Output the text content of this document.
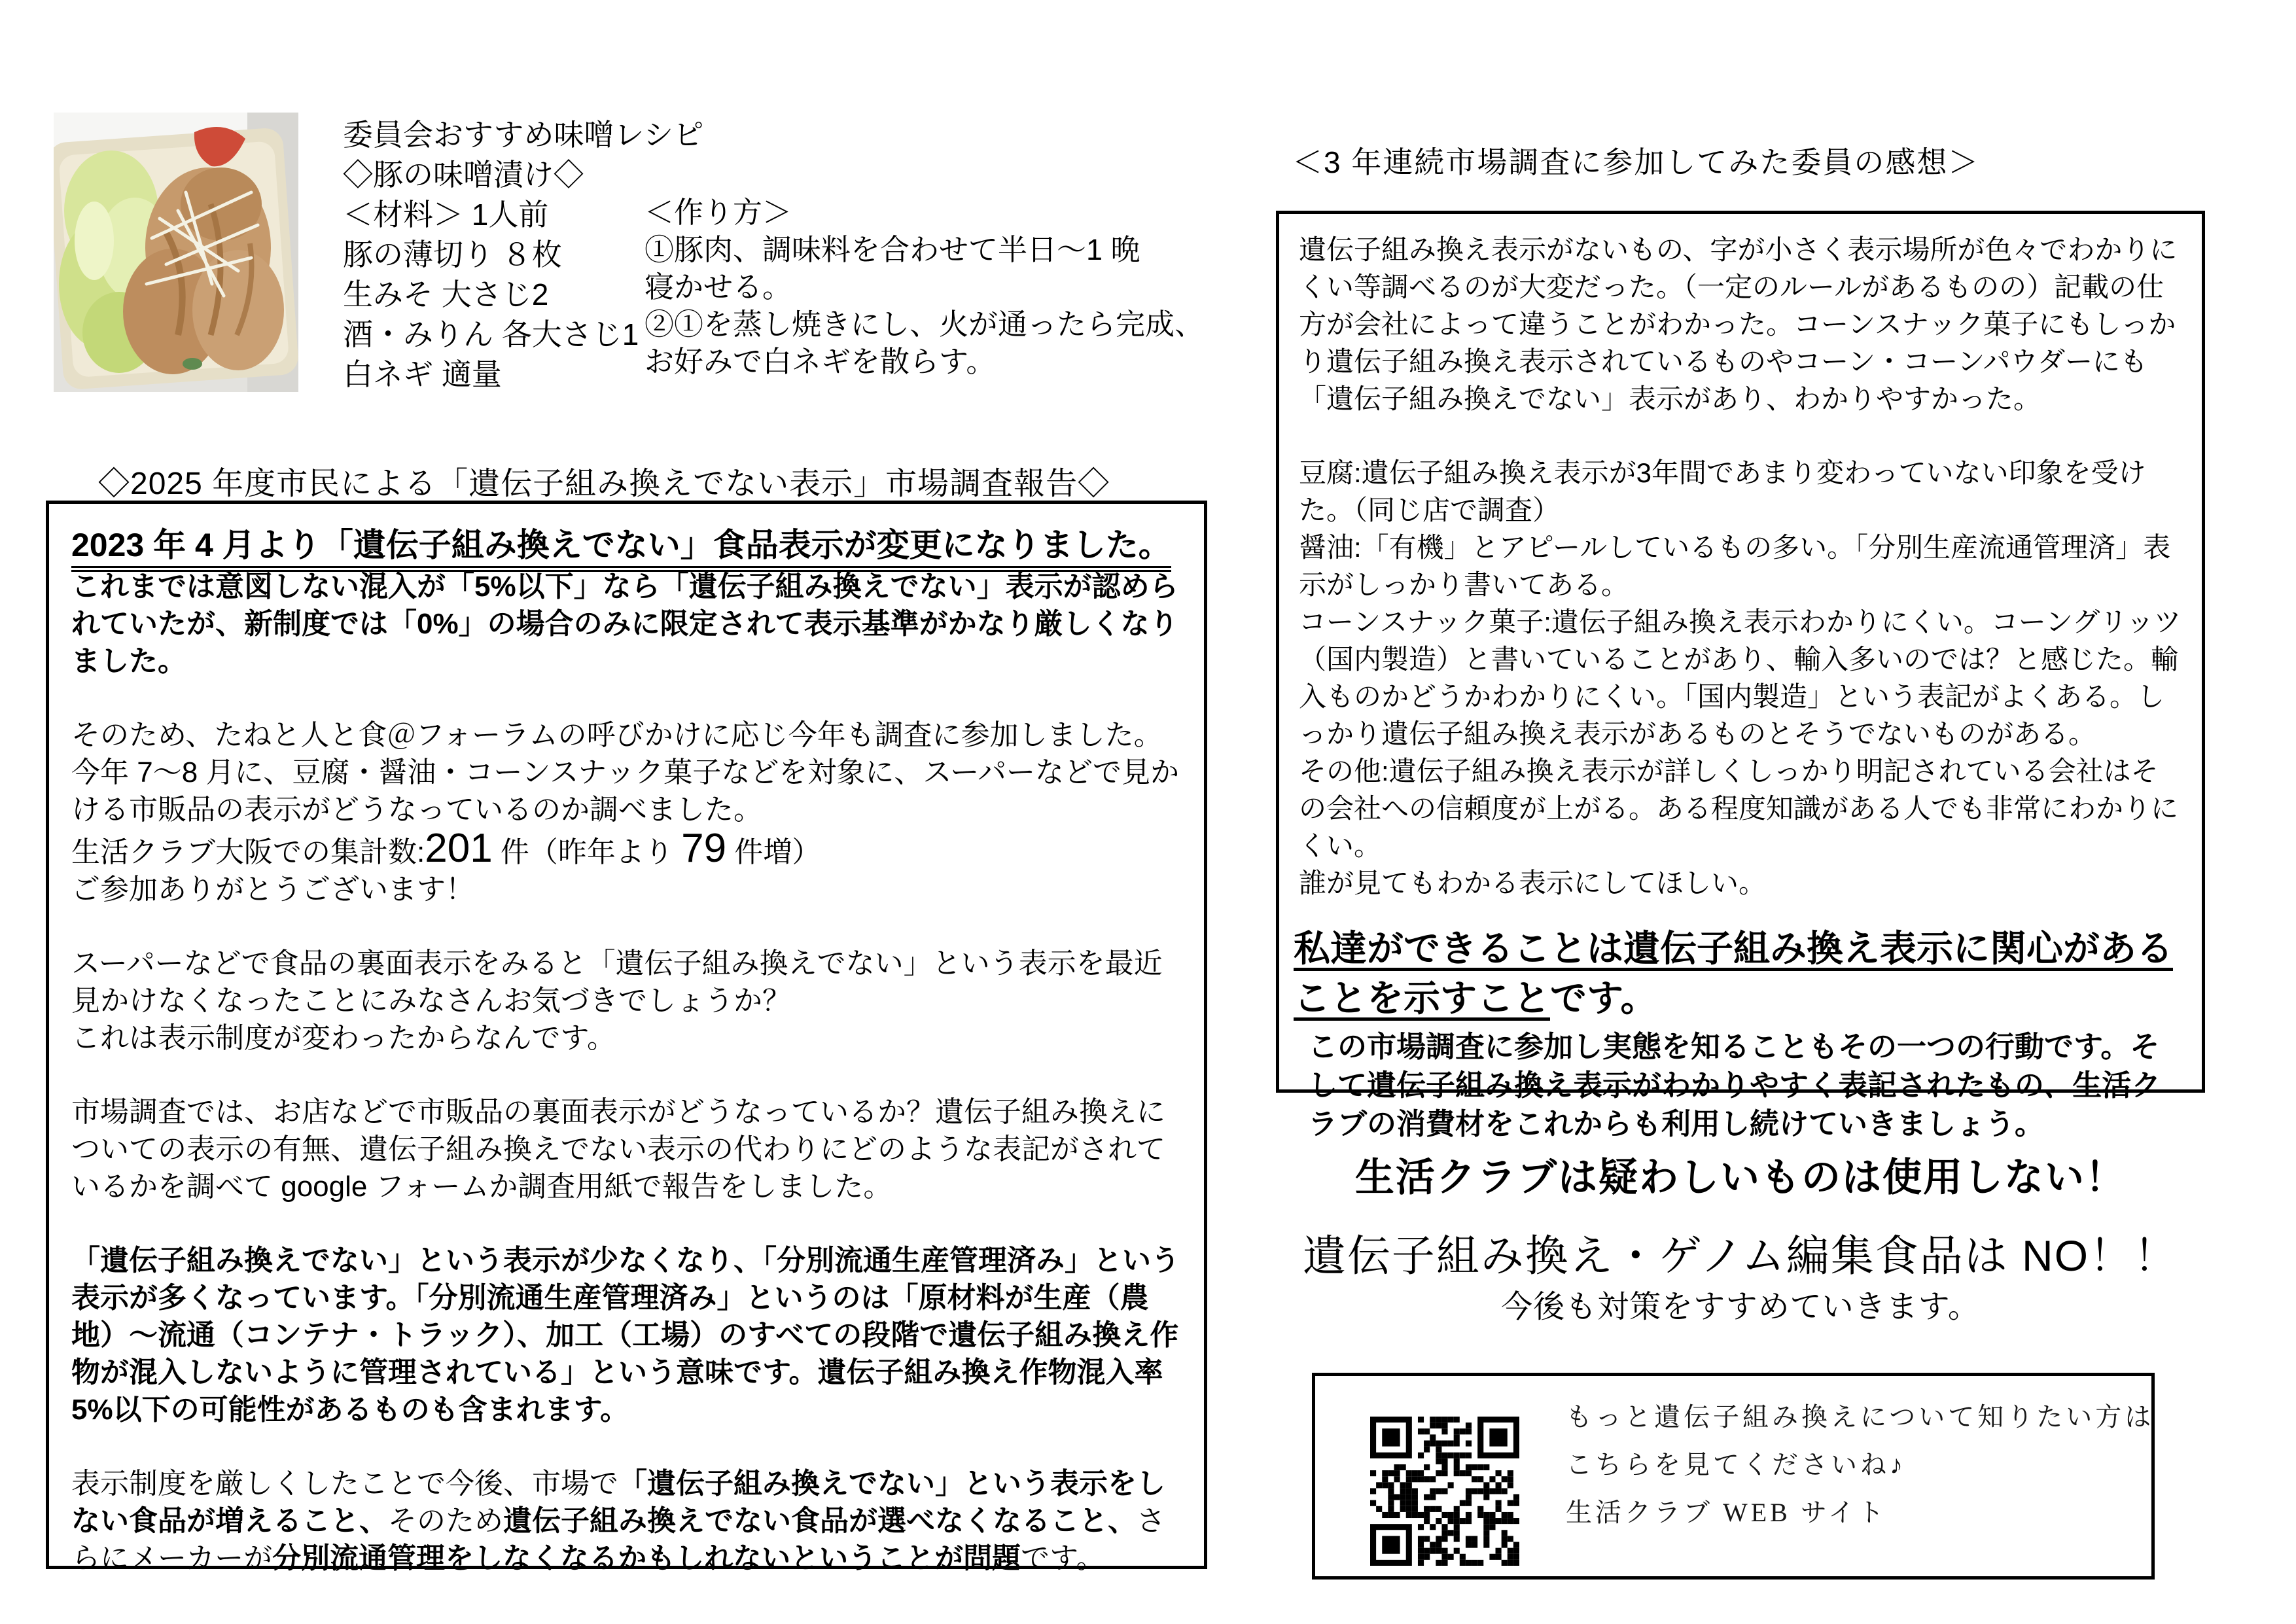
委員会おすすめ味噌レシピ
◇豚の味噌漬け◇
＜材料＞ 1人前
豚の薄切り ８枚
生みそ 大さじ2
酒・みりん 各大さじ1
白ネギ 適量
＜作り方＞
①豚肉、調味料を合わせて半日～1 晩
寝かせる。
②①を蒸し焼きにし、火が通ったら完成、
お好みで白ネギを散らす。
◇2025 年度市民による「遺伝子組み換えでない表示」市場調査報告◇

2023 年 4 月より「遺伝子組み換えでない」食品表示が変更になりました。

これまでは意図しない混入が「5%以下」なら「遺伝子組み換えでない」表示が認められていたが、新制度では「0%」の場合のみに限定されて表示基準がかなり厳しくなりました。

そのため、たねと人と食＠フォーラムの呼びかけに応じ今年も調査に参加しました。

今年 7～8 月に、豆腐・醤油・コーンスナック菓子などを対象に、スーパーなどで見かける市販品の表示がどうなっているのか調べました。

生活クラブ大阪での集計数:201 件（昨年より 79 件増）

ご参加ありがとうございます！

スーパーなどで食品の裏面表示をみると「遺伝子組み換えでない」という表示を最近見かけなくなったことにみなさんお気づきでしょうか？

これは表示制度が変わったからなんです。

市場調査では、お店などで市販品の裏面表示がどうなっているか？遺伝子組み換えについての表示の有無、遺伝子組み換えでない表示の代わりにどのような表記がされているかを調べて google フォームか調査用紙で報告をしました。

「遺伝子組み換えでない」という表示が少なくなり、「分別流通生産管理済み」という表示が多くなっています。「分別流通生産管理済み」というのは「原材料が生産（農地）～流通（コンテナ・トラック）、加工（工場）のすべての段階で遺伝子組み換え作物が混入しないように管理されている」という意味です。遺伝子組み換え作物混入率5%以下の可能性があるものも含まれます。

表示制度を厳しくしたことで今後、市場で「遺伝子組み換えでない」という表示をしない食品が増えること、そのため遺伝子組み換えでない食品が選べなくなること、さらにメーカーが分別流通管理をしなくなるかもしれないということが問題です。

＜3 年連続市場調査に参加してみた委員の感想＞

遺伝子組み換え表示がないもの、字が小さく表示場所が色々でわかりにくい等調べるのが大変だった。（一定のルールがあるものの）記載の仕方が会社によって違うことがわかった。コーンスナック菓子にもしっかり遺伝子組み換え表示されているものやコーン・コーンパウダーにも「遺伝子組み換えでない」表示があり、わかりやすかった。

豆腐:遺伝子組み換え表示が3年間であまり変わっていない印象を受けた。（同じ店で調査）

醤油:「有機」とアピールしているもの多い。「分別生産流通管理済」表示がしっかり書いてある。

コーンスナック菓子:遺伝子組み換え表示わかりにくい。コーングリッツ（国内製造）と書いていることがあり、輸入多いのでは？と感じた。輸入ものかどうかわかりにくい。「国内製造」という表記がよくある。しっかり遺伝子組み換え表示があるものとそうでないものがある。

その他:遺伝子組み換え表示が詳しくしっかり明記されている会社はその会社への信頼度が上がる。ある程度知識がある人でも非常にわかりにくい。

誰が見てもわかる表示にしてほしい。

私達ができることは遺伝子組み換え表示に関心があることを示すことです。

この市場調査に参加し実態を知ることもその一つの行動です。そして遺伝子組み換え表示がわかりやすく表記されたもの、生活クラブの消費材をこれからも利用し続けていきましょう。

生活クラブは疑わしいものは使用しない！
遺伝子組み換え・ゲノム編集食品は NO！！
今後も対策をすすめていきます。
もっと遺伝子組み換えについて知りたい方は
こちらを見てくださいね♪
生活クラブ WEB サイト
